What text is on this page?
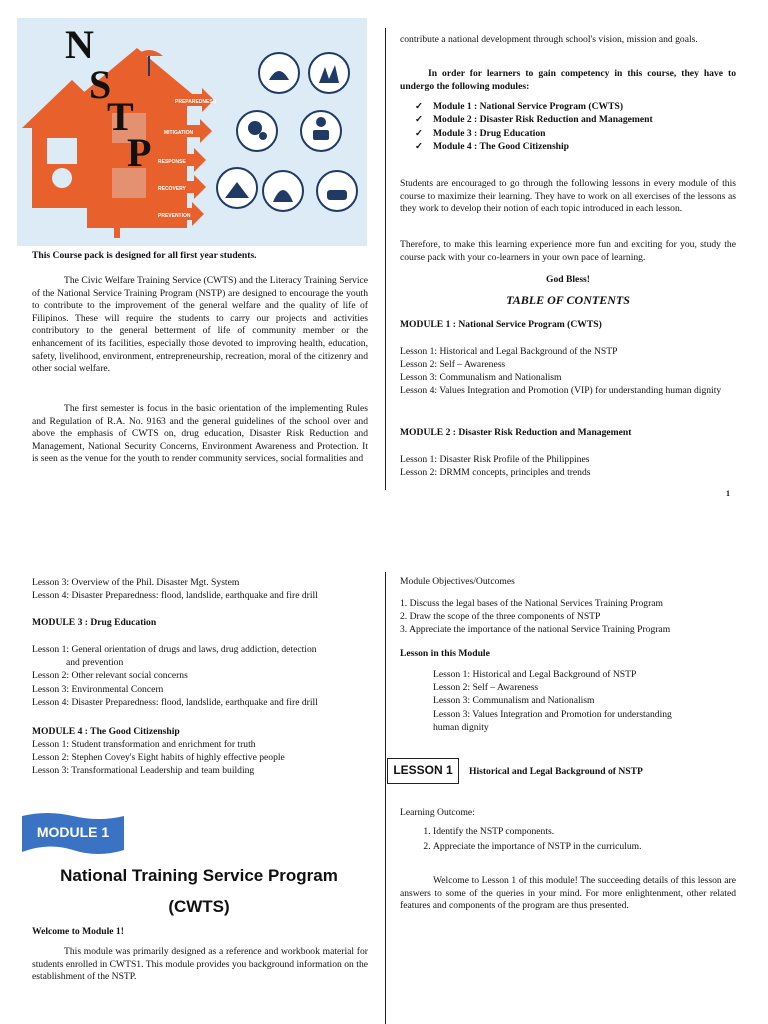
PREPAREDNESS
MITIGATION
RESPONSE
RECOVERY
PREVENTION
N
S
T
P

This Course pack is designed for all first year students.

The Civic Welfare Training Service (CWTS) and the Literacy Training Service of the National Service Training Program (NSTP) are designed to encourage the youth to contribute to the improvement of the general welfare and the quality of life of Filipinos. These will require the students to carry our projects and activities contributory to the general betterment of life of community member or the enhancement of its facilities, especially those devoted to improving health, education, safety, livelihood, environment, entrepreneurship, recreation, moral of the citizenry and other social welfare.

The first semester is focus in the basic orientation of the implementing Rules and Regulation of R.A. No. 9163 and the general guidelines of the school over and above the emphasis of CWTS on, drug education, Disaster Risk Reduction and Management, National Security Concerns, Environment Awareness and Protection. It is seen as the venue for the youth to render community services, social formalities and

contribute a national development through school's vision, mission and goals.

In order for learners to gain competency in this course, they have to undergo the following modules:

✓ Module 1 : National Service Program (CWTS)
✓ Module 2 : Disaster Risk Reduction and Management
✓ Module 3 : Drug Education
✓ Module 4 : The Good Citizenship

Students are encouraged to go through the following lessons in every module of this course to maximize their learning. They have to work on all exercises of the lessons as they work to develop their notion of each topic introduced in each lesson.

Therefore, to make this learning experience more fun and exciting for you, study the course pack with your co-learners in your own pace of learning.

God Bless!

TABLE OF CONTENTS

MODULE 1 : National Service Program (CWTS)

Lesson 1: Historical and Legal Background of the NSTP

Lesson 2: Self – Awareness

Lesson 3: Communalism and Nationalism

Lesson 4: Values Integration and Promotion (VIP) for understanding human dignity

MODULE 2 : Disaster Risk Reduction and Management

Lesson 1: Disaster Risk Profile of the Philippines

Lesson 2: DRMM concepts, principles and trends

1

Lesson 3: Overview of the Phil. Disaster Mgt. System

Lesson 4: Disaster Preparedness: flood, landslide, earthquake and fire drill

MODULE 3 : Drug Education

Lesson 1: General orientation of drugs and laws, drug addiction, detection

and prevention

Lesson 2: Other relevant social concerns

Lesson 3: Environmental Concern

Lesson 4: Disaster Preparedness: flood, landslide, earthquake and fire drill

MODULE 4 : The Good Citizenship

Lesson 1: Student transformation and enrichment for truth

Lesson 2: Stephen Covey's Eight habits of highly effective people

Lesson 3: Transformational Leadership and team building

MODULE 1
National Training Service Program
(CWTS)

Welcome to Module 1!

This module was primarily designed as a reference and workbook material for students enrolled in CWTS1. This module provides you background information on the establishment of the NSTP.

Module Objectives/Outcomes

1. Discuss the legal bases of the National Services Training Program

2. Draw the scope of the three components of NSTP

3. Appreciate the importance of the national Service Training Program

Lesson in this Module

Lesson 1: Historical and Legal Background of NSTP

Lesson 2: Self – Awareness

Lesson 3: Communalism and Nationalism

Lesson 3: Values Integration and Promotion for understanding

human dignity

LESSON 1	Historical and Legal Background of NSTP

Learning Outcome:

1. Identify the NSTP components.
2. Appreciate the importance of NSTP in the curriculum.

Welcome to Lesson 1 of this module! The succeeding details of this lesson are answers to some of the queries in your mind. For more enlightenment, other related features and components of the program are thus presented.
